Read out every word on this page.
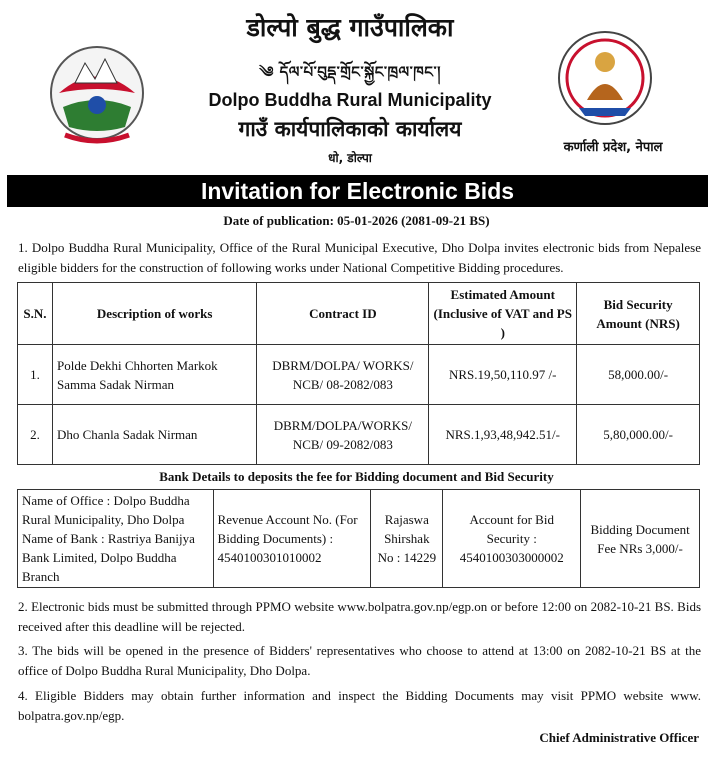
डोल्पो बुद्ध गाउँपालिका
༄ དོལ་པོ་བུདྡ་གྲོང་སྐྱོང་ཁྲལ་ཁང་།
Dolpo Buddha Rural Municipality
गाउँ कार्यपालिकाको कार्यालय
धो, डोल्पा
कर्णाली प्रदेश, नेपाल
Invitation for Electronic Bids
Date of publication: 05-01-2026 (2081-09-21 BS)
1. Dolpo Buddha Rural Municipality, Office of the Rural Municipal Executive, Dho Dolpa invites electronic bids from Nepalese eligible bidders for the construction of following works under National Competitive Bidding procedures.
S.N.	Description of works	Contract ID	Estimated Amount (Inclusive of VAT and PS )	Bid Security Amount (NRS)
1.	Polde Dekhi Chhorten Markok Samma Sadak Nirman	DBRM/DOLPA/ WORKS/ NCB/ 08-2082/083	NRS.19,50,110.97 /-	58,000.00/-
2.	Dho Chanla Sadak Nirman	DBRM/DOLPA/WORKS/ NCB/ 09-2082/083	NRS.1,93,48,942.51/-	5,80,000.00/-
Bank Details to deposits the fee for Bidding document and Bid Security
Name of Office : Dolpo Buddha Rural Municipality, Dho Dolpa Name of Bank : Rastriya Banijya Bank Limited, Dolpo Buddha Branch	Revenue Account No. (For Bidding Documents) : 4540100301010002	Rajaswa Shirshak No : 14229	Account for Bid Security : 4540100303000002	Bidding Document Fee NRs 3,000/-
2. Electronic bids must be submitted through PPMO website www.bolpatra.gov.np/egp.on or before 12:00 on 2082-10-21 BS. Bids received after this deadline will be rejected.
3. The bids will be opened in the presence of Bidders' representatives who choose to attend at 13:00 on 2082-10-21 BS at the office of Dolpo Buddha Rural Municipality, Dho Dolpa.
4. Eligible Bidders may obtain further information and inspect the Bidding Documents may visit PPMO website www. bolpatra.gov.np/egp.
Chief Administrative Officer
